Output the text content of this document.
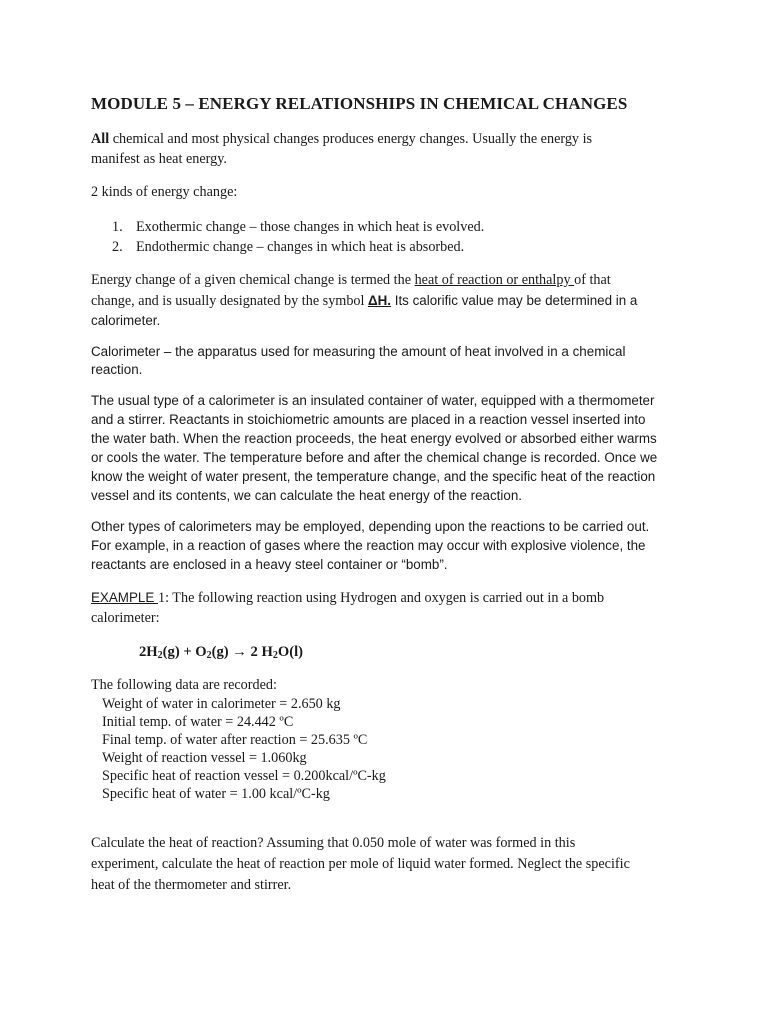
MODULE 5 – ENERGY RELATIONSHIPS IN CHEMICAL CHANGES
All chemical and most physical changes produces energy changes. Usually the energy is
manifest as heat energy.
2 kinds of energy change:
1. Exothermic change – those changes in which heat is evolved.
2. Endothermic change – changes in which heat is absorbed.
Energy change of a given chemical change is termed the heat of reaction or enthalpy of that
change, and is usually designated by the symbol ΔH. Its calorific value may be determined in a
calorimeter.
Calorimeter – the apparatus used for measuring the amount of heat involved in a chemical
reaction.
The usual type of a calorimeter is an insulated container of water, equipped with a thermometer
and a stirrer. Reactants in stoichiometric amounts are placed in a reaction vessel inserted into
the water bath. When the reaction proceeds, the heat energy evolved or absorbed either warms
or cools the water. The temperature before and after the chemical change is recorded. Once we
know the weight of water present, the temperature change, and the specific heat of the reaction
vessel and its contents, we can calculate the heat energy of the reaction.
Other types of calorimeters may be employed, depending upon the reactions to be carried out.
For example, in a reaction of gases where the reaction may occur with explosive violence, the
reactants are enclosed in a heavy steel container or “bomb”.
EXAMPLE 1: The following reaction using Hydrogen and oxygen is carried out in a bomb
calorimeter:
$2H_2(g) + O_2(g) \to 2$ $H_2O(l)$
The following data are recorded:
Weight of water in calorimeter = 2.650 kg
Initial temp. of water = 24.442 ºC
Final temp. of water after reaction = 25.635 ºC
Weight of reaction vessel = 1.060kg
Specific heat of reaction vessel = 0.200kcal/ºC-kg
Specific heat of water = 1.00 kcal/ºC-kg
Calculate the heat of reaction? Assuming that 0.050 mole of water was formed in this
experiment, calculate the heat of reaction per mole of liquid water formed. Neglect the specific
heat of the thermometer and stirrer.
